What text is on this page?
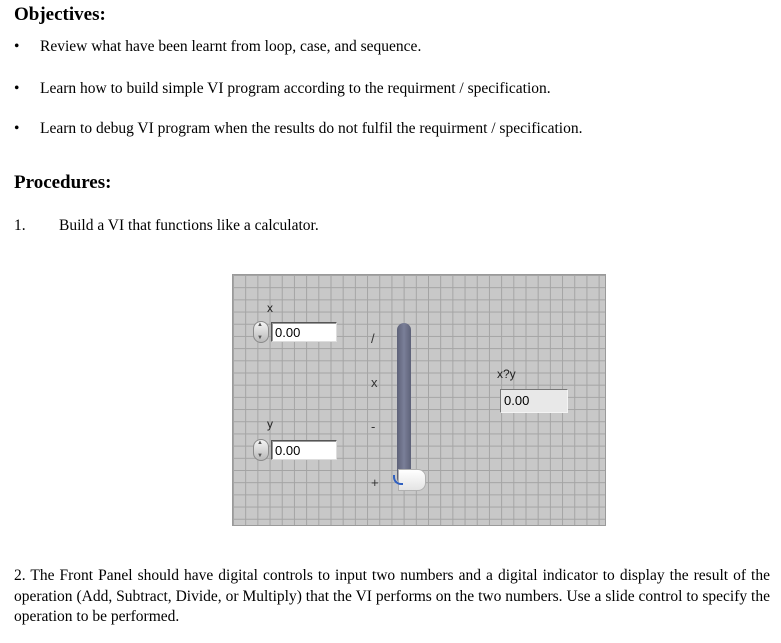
Objectives:
• Review what have been learnt from loop, case, and sequence.
• Learn how to build simple VI program according to the requirment / specification.
• Learn to debug VI program when the results do not fulfil the requirment / specification.
Procedures:
1. Build a VI that functions like a calculator.
x
▲ ▼
0.00
y
▲ ▼
0.00
/
x
-
+
x?y
0.00
2. The Front Panel should have digital controls to input two numbers and a digital indicator to display the result of the operation (Add, Subtract, Divide, or Multiply) that the VI performs on the two numbers. Use a slide control to specify the operation to be performed.
